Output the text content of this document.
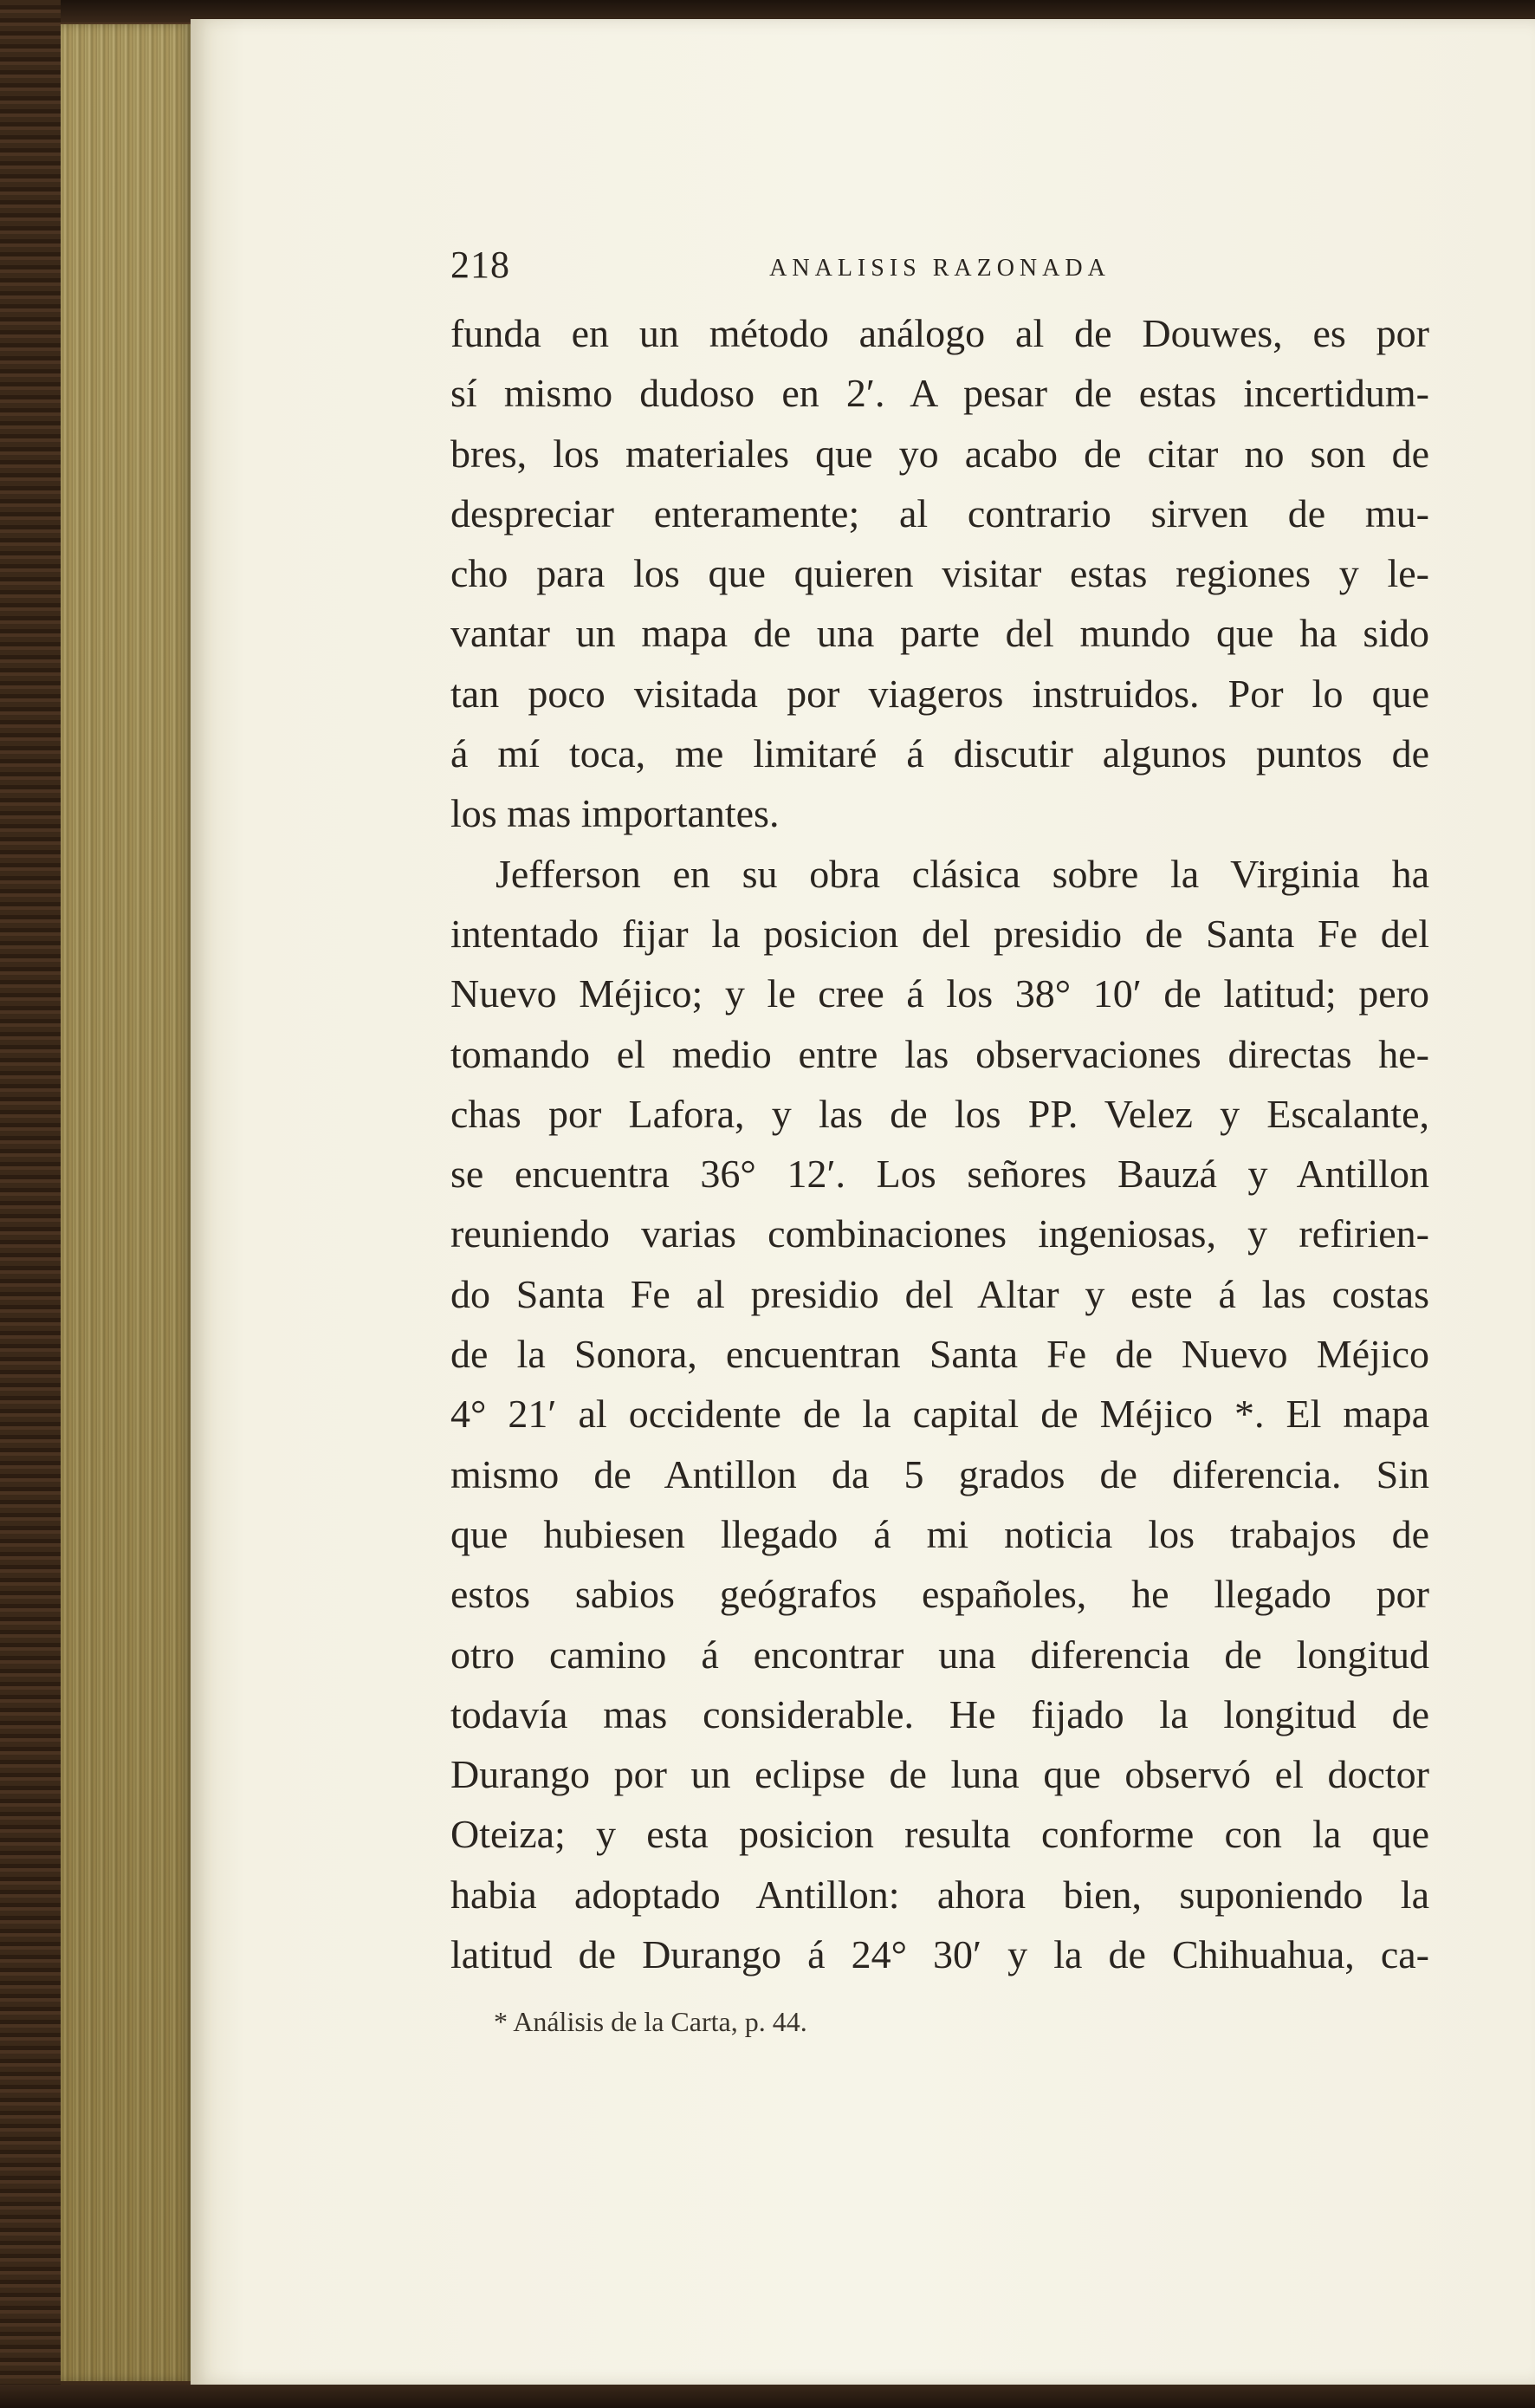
218	ANALISIS RAZONADA
funda en un método análogo al de Douwes, es por
sí mismo dudoso en 2′. A pesar de estas incertidum-
bres, los materiales que yo acabo de citar no son de
despreciar enteramente; al contrario sirven de mu-
cho para los que quieren visitar estas regiones y le-
vantar un mapa de una parte del mundo que ha sido
tan poco visitada por viageros instruidos. Por lo que
á mí toca, me limitaré á discutir algunos puntos de
los mas importantes.
Jefferson en su obra clásica sobre la Virginia ha
intentado fijar la posicion del presidio de Santa Fe del
Nuevo Méjico; y le cree á los 38° 10′ de latitud; pero
tomando el medio entre las observaciones directas he-
chas por Lafora, y las de los PP. Velez y Escalante,
se encuentra 36° 12′. Los señores Bauzá y Antillon
reuniendo varias combinaciones ingeniosas, y refirien-
do Santa Fe al presidio del Altar y este á las costas
de la Sonora, encuentran Santa Fe de Nuevo Méjico
4° 21′ al occidente de la capital de Méjico *. El mapa
mismo de Antillon da 5 grados de diferencia. Sin
que hubiesen llegado á mi noticia los trabajos de
estos sabios geógrafos españoles, he llegado por
otro camino á encontrar una diferencia de longitud
todavía mas considerable. He fijado la longitud de
Durango por un eclipse de luna que observó el doctor
Oteiza; y esta posicion resulta conforme con la que
habia adoptado Antillon: ahora bien, suponiendo la
latitud de Durango á 24° 30′ y la de Chihuahua, ca-
* Análisis de la Carta, p. 44.
